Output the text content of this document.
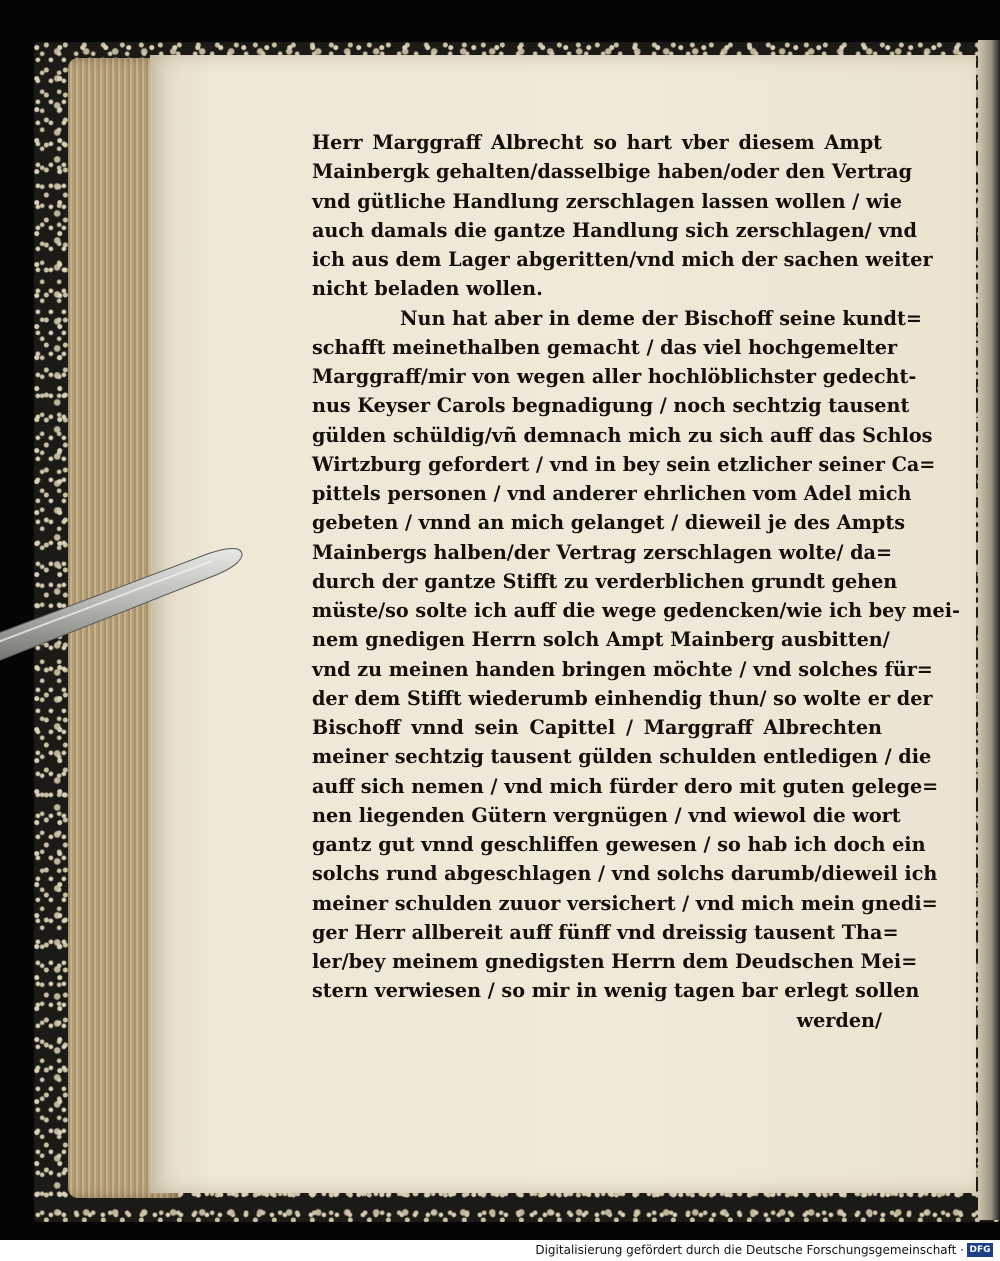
Herr Marggraff Albrecht so hart vber diesem Ampt
Mainbergk gehalten/dasselbige haben/oder den Vertrag
vnd gütliche Handlung zerschlagen lassen wollen / wie
auch damals die gantze Handlung sich zerschlagen/ vnd
ich aus dem Lager abgeritten/vnd mich der sachen weiter
nicht beladen wollen.
Nun hat aber in deme der Bischoff seine kundt=
schafft meinethalben gemacht / das viel hochgemelter
Marggraff/mir von wegen aller hochlöblichster gedecht-
nus Keyser Carols begnadigung / noch sechtzig tausent
gülden schüldig/vñ demnach mich zu sich auff das Schlos
Wirtzburg gefordert / vnd in bey sein etzlicher seiner Ca=
pittels personen / vnd anderer ehrlichen vom Adel mich
gebeten / vnnd an mich gelanget / dieweil je des Ampts
Mainbergs halben/der Vertrag zerschlagen wolte/ da=
durch der gantze Stifft zu verderblichen grundt gehen
müste/so solte ich auff die wege gedencken/wie ich bey mei-
nem gnedigen Herrn solch Ampt Mainberg ausbitten/
vnd zu meinen handen bringen möchte / vnd solches für=
der dem Stifft wiederumb einhendig thun/ so wolte er der
Bischoff vnnd sein Capittel / Marggraff Albrechten
meiner sechtzig tausent gülden schulden entledigen / die
auff sich nemen / vnd mich fürder dero mit guten gelege=
nen liegenden Gütern vergnügen / vnd wiewol die wort
gantz gut vnnd geschliffen gewesen / so hab ich doch ein
solchs rund abgeschlagen / vnd solchs darumb/dieweil ich
meiner schulden zuuor versichert / vnd mich mein gnedi=
ger Herr allbereit auff fünff vnd dreissig tausent Tha=
ler/bey meinem gnedigsten Herrn dem Deudschen Mei=
stern verwiesen / so mir in wenig tagen bar erlegt sollen
werden/
Digitalisierung gefördert durch die Deutsche Forschungsgemeinschaft · DFG
